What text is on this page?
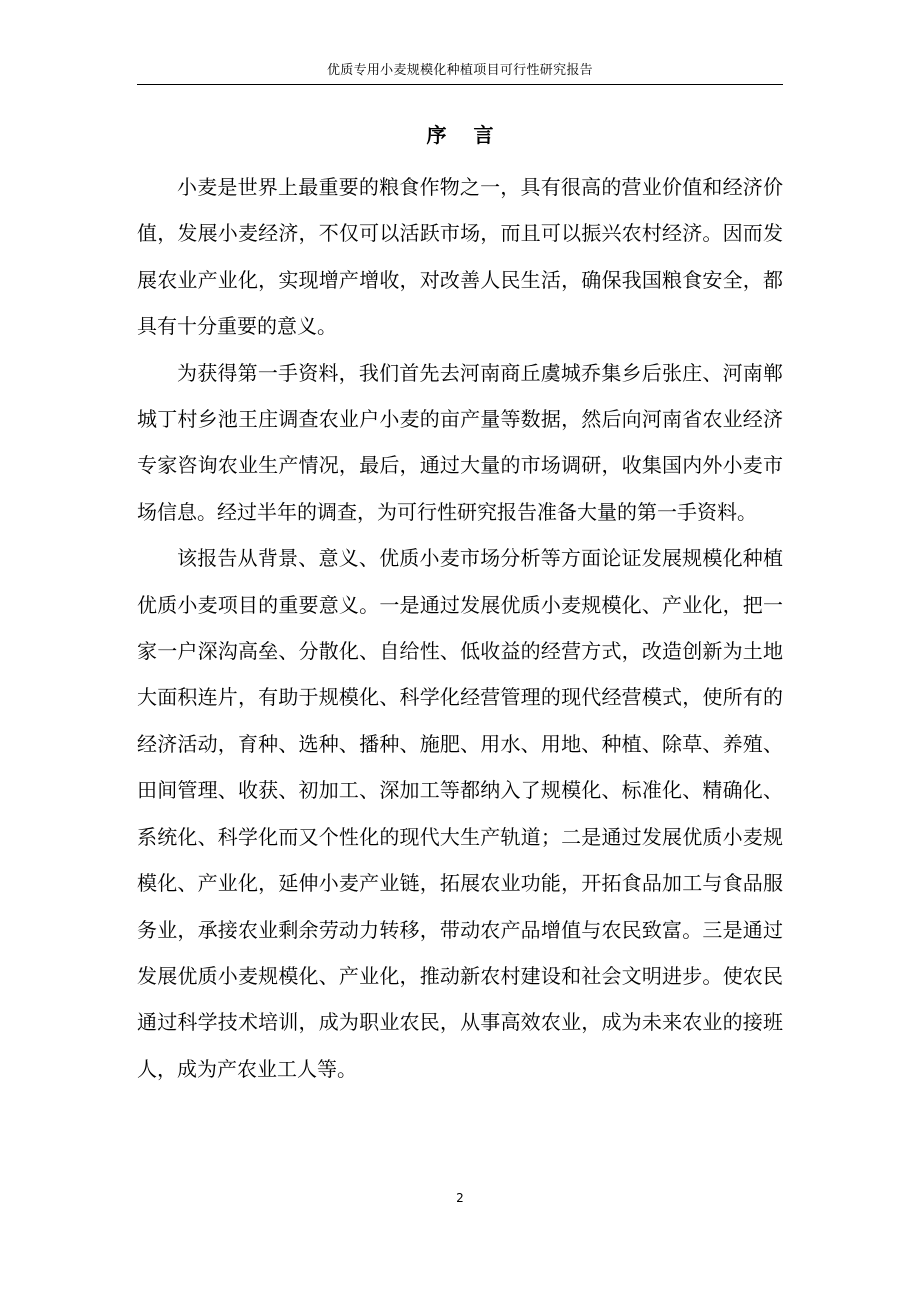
优质专用小麦规模化种植项目可行性研究报告
序 言

小麦是世界上最重要的粮食作物之一，具有很高的营业价值和经济价值，发展小麦经济，不仅可以活跃市场，而且可以振兴农村经济。因而发展农业产业化，实现增产增收，对改善人民生活，确保我国粮食安全，都具有十分重要的意义。

为获得第一手资料，我们首先去河南商丘虞城乔集乡后张庄、河南郸城丁村乡池王庄调查农业户小麦的亩产量等数据，然后向河南省农业经济专家咨询农业生产情况，最后，通过大量的市场调研，收集国内外小麦市场信息。经过半年的调查，为可行性研究报告准备大量的第一手资料。

该报告从背景、意义、优质小麦市场分析等方面论证发展规模化种植优质小麦项目的重要意义。一是通过发展优质小麦规模化、产业化，把一家一户深沟高垒、分散化、自给性、低收益的经营方式，改造创新为土地大面积连片，有助于规模化、科学化经营管理的现代经营模式，使所有的经济活动，育种、选种、播种、施肥、用水、用地、种植、除草、养殖、田间管理、收获、初加工、深加工等都纳入了规模化、标准化、精确化、系统化、科学化而又个性化的现代大生产轨道；二是通过发展优质小麦规模化、产业化，延伸小麦产业链，拓展农业功能，开拓食品加工与食品服务业，承接农业剩余劳动力转移，带动农产品增值与农民致富。三是通过发展优质小麦规模化、产业化，推动新农村建设和社会文明进步。使农民通过科学技术培训，成为职业农民，从事高效农业，成为未来农业的接班人，成为产农业工人等。

2
